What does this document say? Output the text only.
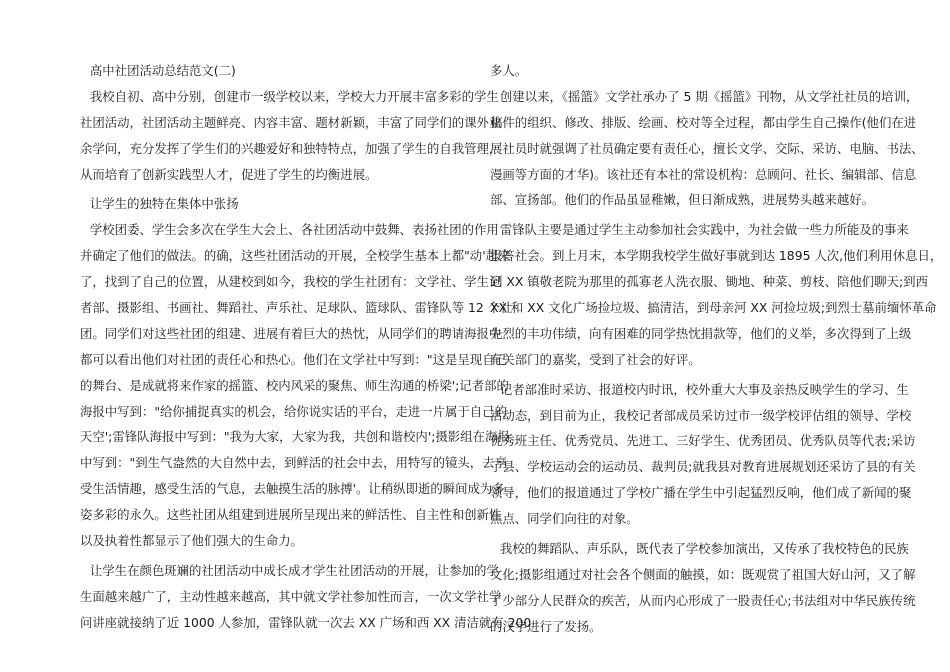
高中社团活动总结范文(二)
我校自初、高中分别，创建市一级学校以来，学校大力开展丰富多彩的学生
社团活动，社团活动主题鲜亮、内容丰富、题材新颖，丰富了同学们的课外业
余学问，充分发挥了学生们的兴趣爱好和独特特点，加强了学生的自我管理，
从而培育了创新实践型人才，促进了学生的均衡进展。
让学生的独特在集体中张扬
学校团委、学生会多次在学生大会上、各社团活动中鼓舞、表扬社团的作用
并确定了他们的做法。的确，这些社团活动的开展，全校学生基本上都"动'起来
了，找到了自己的位置，从建校到如今，我校的学生社团有：文学社、学生记
者部、摄影组、书画社、舞蹈社、声乐社、足球队、篮球队、雷锋队等 12 个社
团。同学们对这些社团的组建、进展有着巨大的热忱，从同学们的聘请海报中
都可以看出他们对社团的责任心和热心。他们在文学社中写到："这是呈现自己
的舞台、是成就将来作家的摇篮、校内风采的聚焦、师生沟通的桥梁';记者部的
海报中写到："给你捕捉真实的机会，给你说实话的平台，走进一片属于自己的
天空';雷锋队海报中写到："我为大家，大家为我，共创和谐校内';摄影组在海报
中写到："到生气盎然的大自然中去，到鲜活的社会中去，用特写的镜头，去享
受生活情趣，感受生活的气息，去触摸生活的脉搏'。让稍纵即逝的瞬间成为多
姿多彩的永久。这些社团从组建到进展所呈现出来的鲜活性、自主性和创新性
以及执着性都显示了他们强大的生命力。
让学生在颜色斑斓的社团活动中成长成才学生社团活动的开展，让参加的学
生面越来越广了，主动性越来越高，其中就文学社参加性而言，一次文学社学
问讲座就接纳了近 1000 人参加，雷锋队就一次去 XX 广场和西 XX 清洁就有 200
多人。
创建以来，《摇篮》文学社承办了 5 期《摇篮》刊物，从文学社社员的培训，
稿件的组织、修改、排版、绘画、校对等全过程，都由学生自己操作(他们在进
展社员时就强调了社员确定要有责任心，擅长文学、交际、采访、电脑、书法、
漫画等方面的才华)。该社还有本社的常设机构：总顾问、社长、编辑部、信息
部、宣扬部。他们的作品虽显稚嫩，但日渐成熟，进展势头越来越好。
雷锋队主要是通过学生主动参加社会实践中，为社会做一些力所能及的事来
报答社会。到上月末，本学期我校学生做好事就到达 1895 人次,他们利用休息日，
到 XX 镇敬老院为那里的孤寡老人洗衣服、锄地、种菜、剪枝、陪他们聊天;到西
XX 和 XX 文化广场捡垃圾、搞清洁，到母亲河 XX 河捡垃圾;到烈士墓前缅怀革命
先烈的丰功伟绩，向有困难的同学热忱捐款等，他们的义举，多次得到了上级
有关部门的嘉奖，受到了社会的好评。
记者部准时采访、报道校内时讯，校外重大大事及亲热反映学生的学习、生
活动态，到目前为止，我校记者部成员采访过市一级学校评估组的领导、学校
优秀班主任、优秀党员、先进工、三好学生、优秀团员、优秀队员等代表;采访
了县、学校运动会的运动员、裁判员;就我县对教育进展规划还采访了县的有关
领导，他们的报道通过了学校广播在学生中引起猛烈反响，他们成了新闻的聚
焦点、同学们向往的对象。
我校的舞蹈队、声乐队，既代表了学校参加演出，又传承了我校特色的民族
文化;摄影组通过对社会各个侧面的触摸，如：既观赏了祖国大好山河，又了解
了少部分人民群众的疾苦，从而内心形成了一股责任心;书法组对中华民族传统
的汉字进行了发扬。
